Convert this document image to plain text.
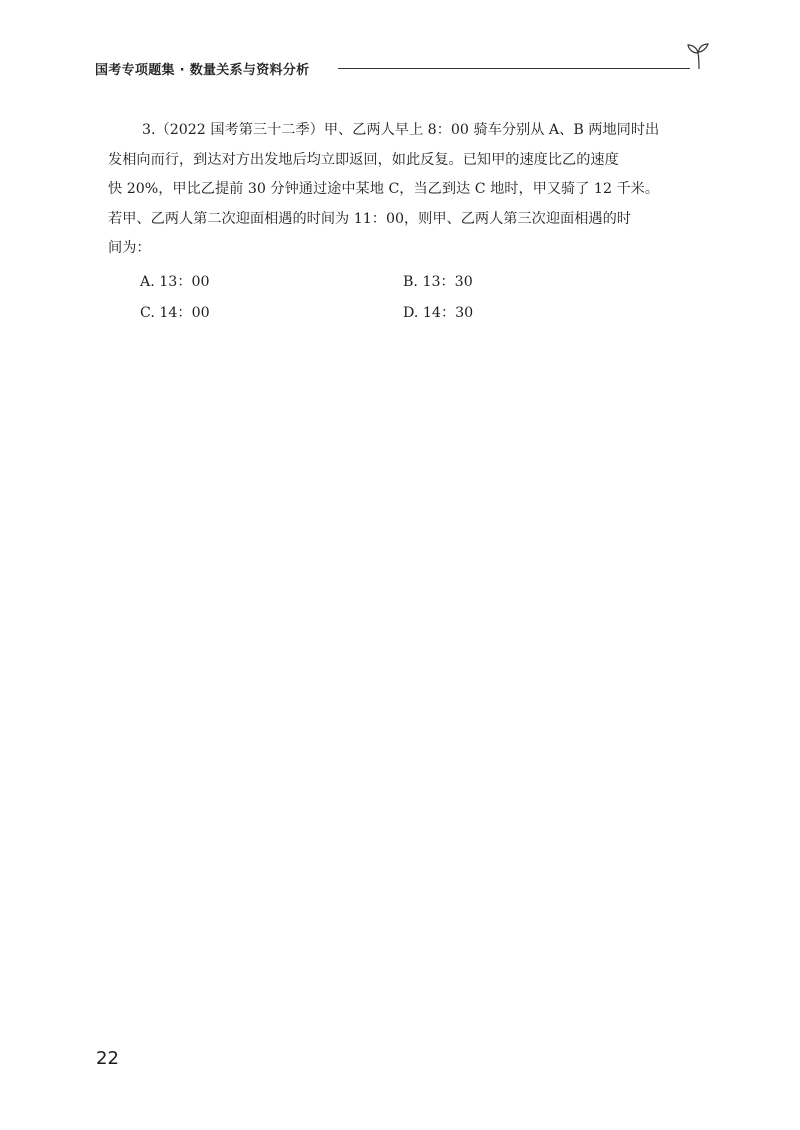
国考专项题集 · 数量关系与资料分析
3.（2022 国考第三十二季）甲、乙两人早上 8：00 骑车分别从 A、B 两地同时出
发相向而行，到达对方出发地后均立即返回，如此反复。已知甲的速度比乙的速度
快 20%，甲比乙提前 30 分钟通过途中某地 C，当乙到达 C 地时，甲又骑了 12 千米。
若甲、乙两人第二次迎面相遇的时间为 11：00，则甲、乙两人第三次迎面相遇的时
间为：
A. 13：00	B. 13：30
C. 14：00	D. 14：30
22
